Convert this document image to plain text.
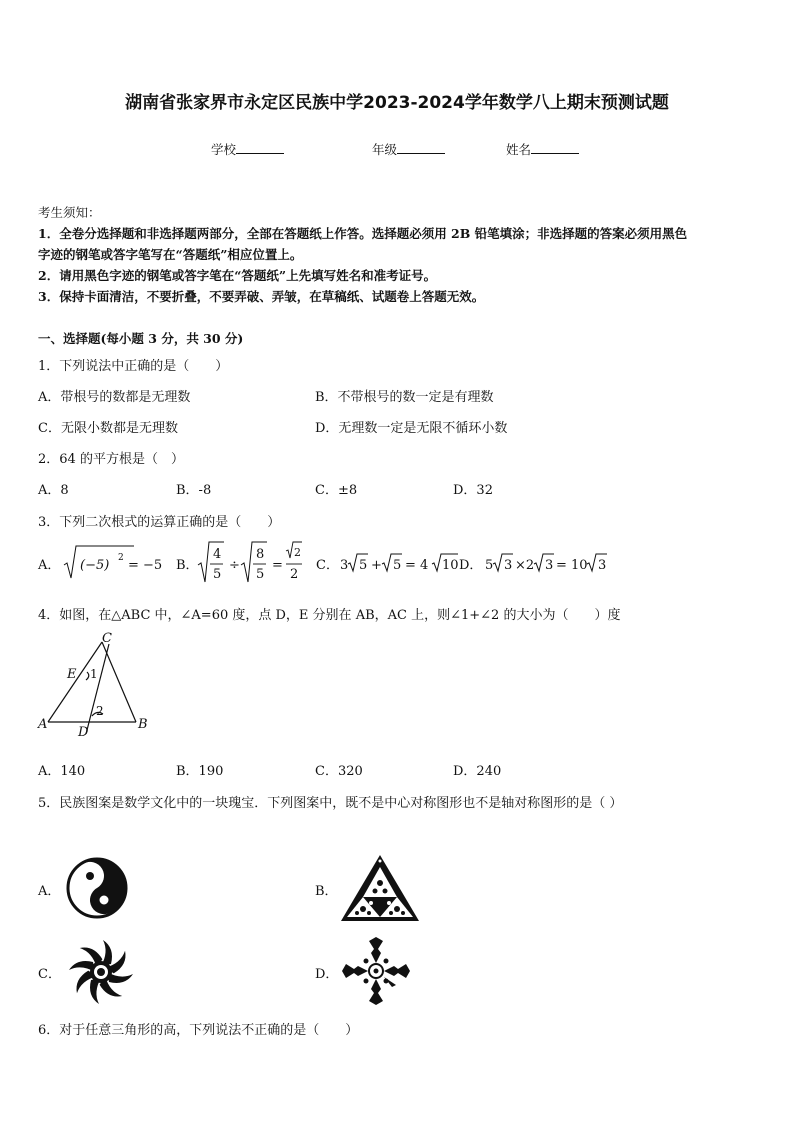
湖南省张家界市永定区民族中学2023-2024学年数学八上期末预测试题
学校	年级	姓名
考生须知：
1．全卷分选择题和非选择题两部分，全部在答题纸上作答。选择题必须用 2B 铅笔填涂；非选择题的答案必须用黑色
字迹的钢笔或答字笔写在“答题纸”相应位置上。
2．请用黑色字迹的钢笔或答字笔在“答题纸”上先填写姓名和准考证号。
3．保持卡面清洁，不要折叠，不要弄破、弄皱，在草稿纸、试题卷上答题无效。
一、选择题(每小题 3 分，共 30 分)
1．下列说法中正确的是（　　）
A．带根号的数都是无理数	B．不带根号的数一定是有理数
C．无限小数都是无理数	D．无理数一定是无限不循环小数
2．64 的平方根是（　）
A．8	B．-8	C．±8	D．32
3．下列二次根式的运算正确的是（　　）
A． (−5) 2 = −5 B．
4
5
÷
8
5
=
2
2
C． 3 5 + 5 = 4 10 D． 5 3 ×2 3 = 10 3
4．如图，在△ABC 中，∠A=60 度，点 D，E 分别在 AB，AC 上，则∠1+∠2 的大小为（　　）度
C
E
A	B
D
1
2
A．140	B．190	C．320	D．240
5．民族图案是数学文化中的一块瑰宝．下列图案中，既不是中心对称图形也不是轴对称图形的是（ ）
A．	B．
C．	D．
6．对于任意三角形的高，下列说法不正确的是（　　）
